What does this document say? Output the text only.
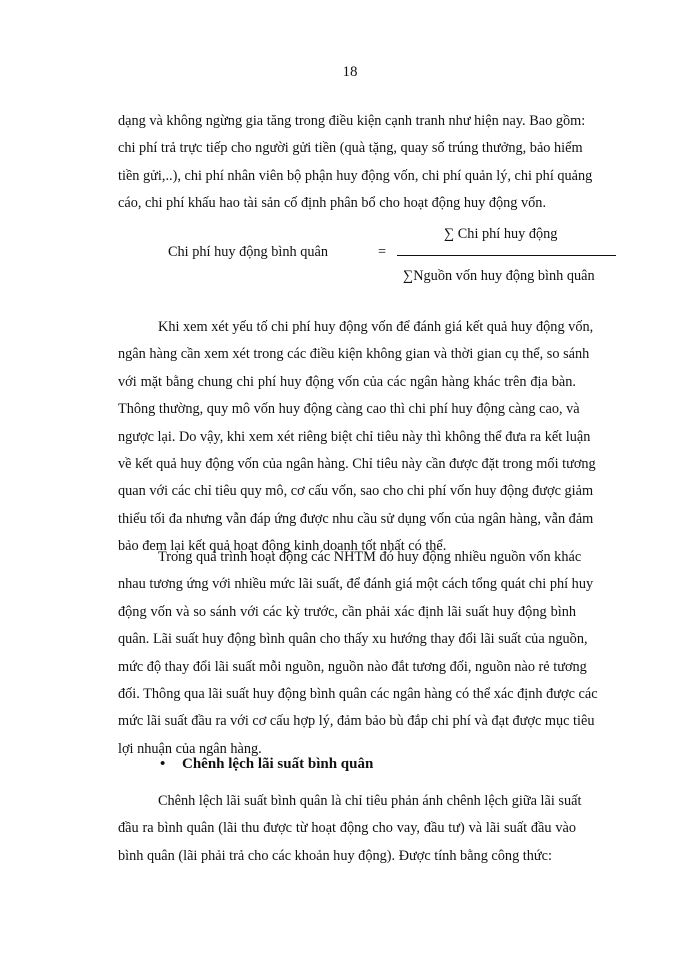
18
dạng và không ngừng gia tăng trong điều kiện cạnh tranh như hiện nay. Bao gồm:
chi phí trả trực tiếp cho người gửi tiền (quà tặng, quay số trúng thưởng, bảo hiểm
tiền gửi,..), chi phí nhân viên bộ phận huy động vốn, chi phí quản lý, chi phí quảng
cáo, chi phí khấu hao tài sản cố định phân bổ cho hoạt động huy động vốn.
Chi phí huy động bình quân	=
∑ Chi phí huy động
∑Nguồn vốn huy động bình quân
Khi xem xét yếu tố chi phí huy động vốn để đánh giá kết quả huy động vốn,
ngân hàng cần xem xét trong các điều kiện không gian và thời gian cụ thể, so sánh
với mặt bằng chung chi phí huy động vốn của các ngân hàng khác trên địa bàn.
Thông thường, quy mô vốn huy động càng cao thì chi phí huy động càng cao, và
ngược lại. Do vậy, khi xem xét riêng biệt chỉ tiêu này thì không thể đưa ra kết luận
về kết quả huy động vốn của ngân hàng. Chỉ tiêu này cần được đặt trong mối tương
quan với các chỉ tiêu quy mô, cơ cấu vốn, sao cho chi phí vốn huy động được giảm
thiểu tối đa nhưng vẫn đáp ứng được nhu cầu sử dụng vốn của ngân hàng, vẫn đảm
bảo đem lại kết quả hoạt động kinh doanh tốt nhất có thể.
Trong quá trình hoạt động các NHTM đó huy động nhiều nguồn vốn khác
nhau tương ứng với nhiều mức lãi suất, để đánh giá một cách tổng quát chi phí huy
động vốn và so sánh với các kỳ trước, cần phải xác định lãi suất huy động bình
quân. Lãi suất huy động bình quân cho thấy xu hướng thay đổi lãi suất của nguồn,
mức độ thay đổi lãi suất mỗi nguồn, nguồn nào đắt tương đối, nguồn nào rẻ tương
đối. Thông qua lãi suất huy động bình quân các ngân hàng có thể xác định được các
mức lãi suất đầu ra với cơ cấu hợp lý, đảm bảo bù đắp chi phí và đạt được mục tiêu
lợi nhuận của ngân hàng.
• Chênh lệch lãi suất bình quân
Chênh lệch lãi suất bình quân là chỉ tiêu phản ánh chênh lệch giữa lãi suất
đầu ra bình quân (lãi thu được từ hoạt động cho vay, đầu tư) và lãi suất đầu vào
bình quân (lãi phải trả cho các khoản huy động). Được tính bằng công thức:
